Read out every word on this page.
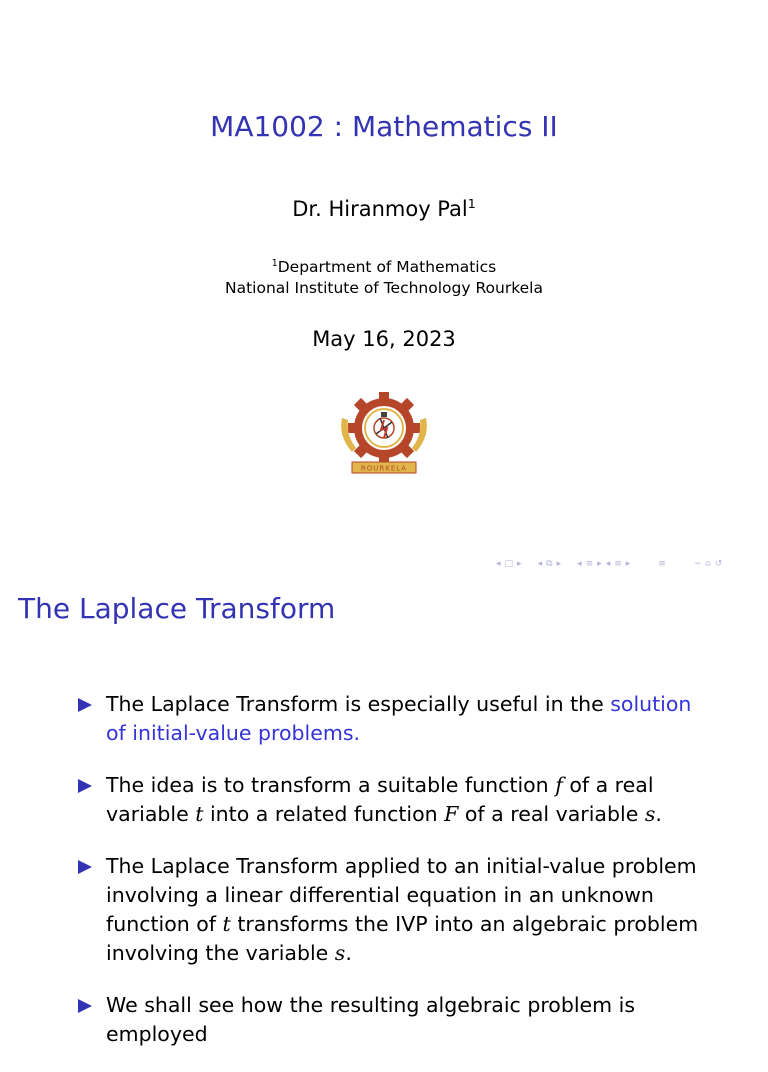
MA1002 : Mathematics II
Dr. Hiranmoy Pal$^1$
$^1$Department of Mathematics
National Institute of Technology Rourkela
May 16, 2023
ROURKELA
◂ □ ▸ ◂ ⧉ ▸ ◂ ≡ ▸ ◂ ≡ ▸	≡	∽ ⍝ ↺
The Laplace Transform
The Laplace Transform is especially useful in the solution of initial-value problems.
The idea is to transform a suitable function f of a real variable t into a related function F of a real variable s.
The Laplace Transform applied to an initial-value problem involving a linear differential equation in an unknown function of t transforms the IVP into an algebraic problem involving the variable s.
We shall see how the resulting algebraic problem is employed
